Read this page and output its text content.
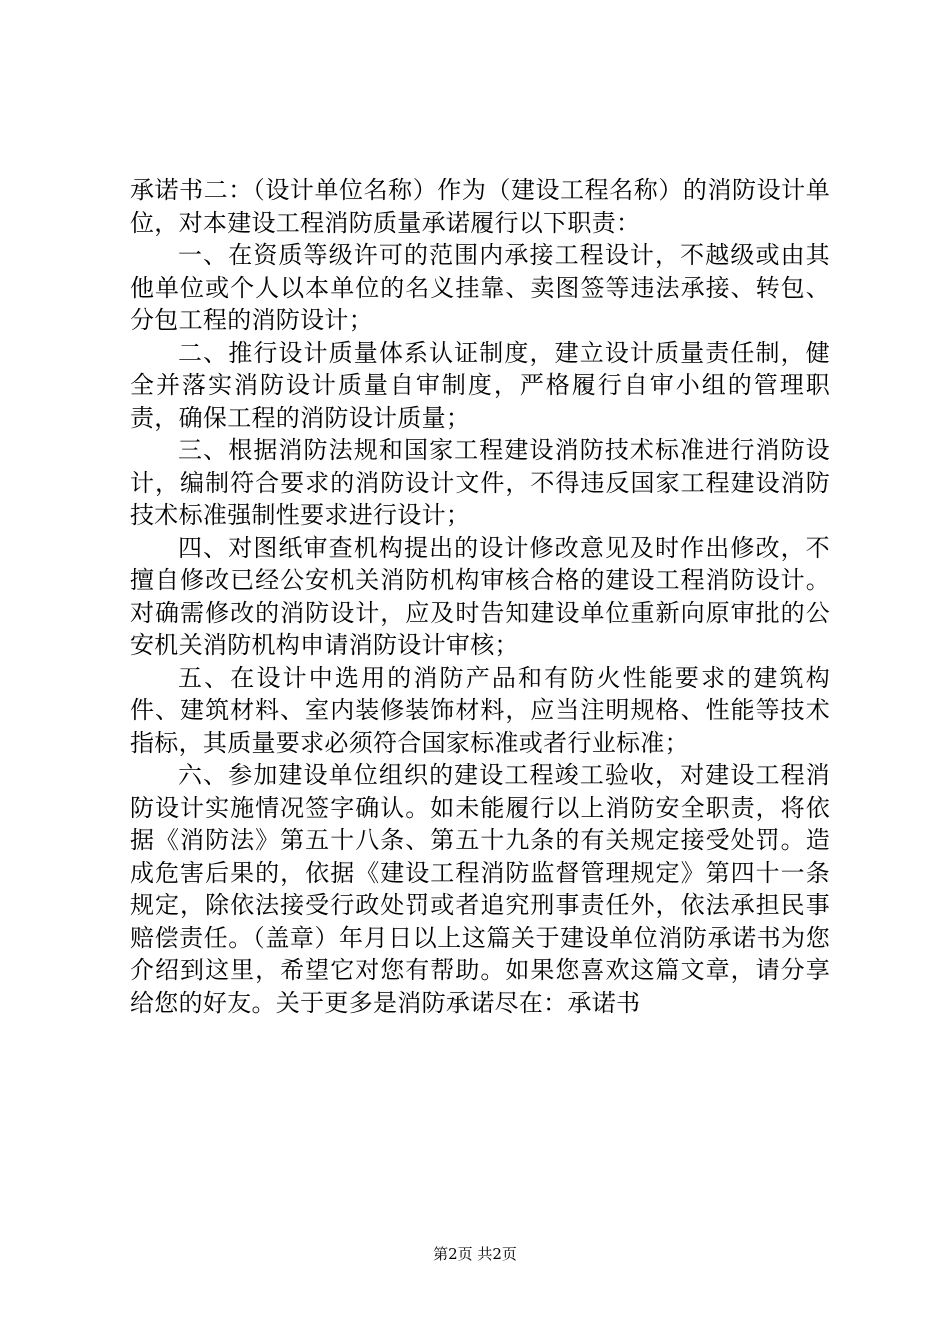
承诺书二：（设计单位名称）作为（建设工程名称）的消防设计单位，对本建设工程消防质量承诺履行以下职责：

一、在资质等级许可的范围内承接工程设计，不越级或由其他单位或个人以本单位的名义挂靠、卖图签等违法承接、转包、分包工程的消防设计；

二、推行设计质量体系认证制度，建立设计质量责任制，健全并落实消防设计质量自审制度，严格履行自审小组的管理职责，确保工程的消防设计质量；

三、根据消防法规和国家工程建设消防技术标准进行消防设计，编制符合要求的消防设计文件，不得违反国家工程建设消防技术标准强制性要求进行设计；

四、对图纸审查机构提出的设计修改意见及时作出修改，不擅自修改已经公安机关消防机构审核合格的建设工程消防设计。对确需修改的消防设计，应及时告知建设单位重新向原审批的公安机关消防机构申请消防设计审核；

五、在设计中选用的消防产品和有防火性能要求的建筑构件、建筑材料、室内装修装饰材料，应当注明规格、性能等技术指标，其质量要求必须符合国家标准或者行业标准；

六、参加建设单位组织的建设工程竣工验收，对建设工程消防设计实施情况签字确认。如未能履行以上消防安全职责，将依据《消防法》第五十八条、第五十九条的有关规定接受处罚。造成危害后果的，依据《建设工程消防监督管理规定》第四十一条规定，除依法接受行政处罚或者追究刑事责任外，依法承担民事赔偿责任。（盖章）年月日以上这篇关于建设单位消防承诺书为您介绍到这里，希望它对您有帮助。如果您喜欢这篇文章，请分享给您的好友。关于更多是消防承诺尽在：承诺书

第2页 共2页
